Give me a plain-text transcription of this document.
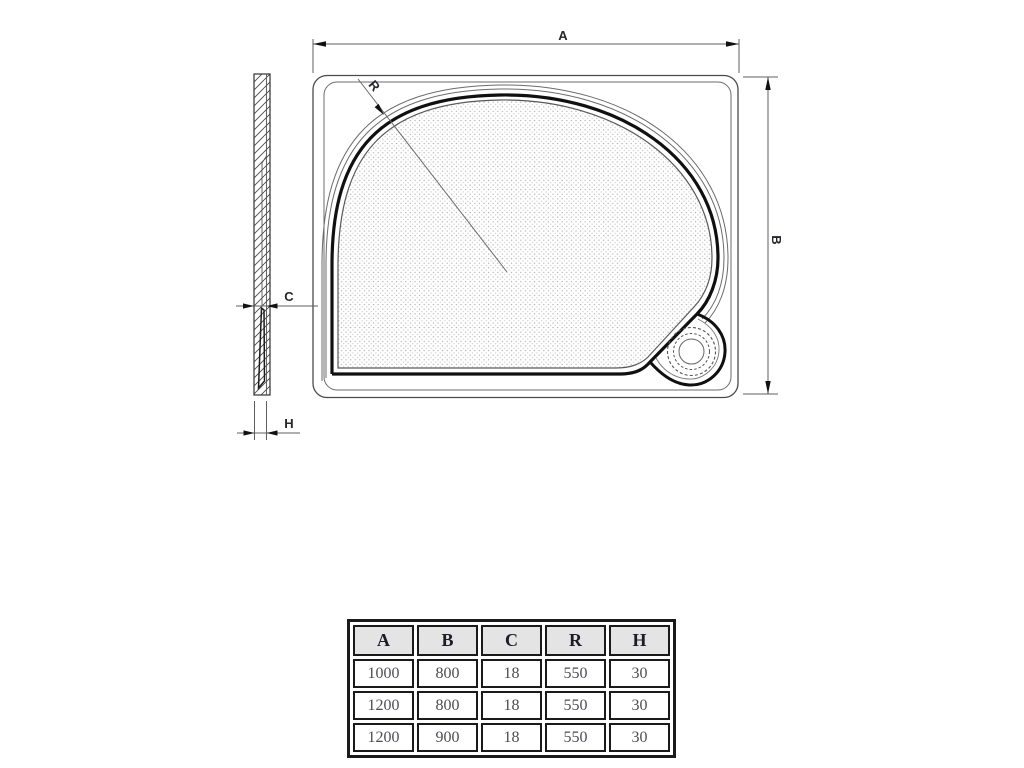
A
B
R
C
H
A	B	C	R	H
1000	800	18	550	30
1200	800	18	550	30
1200	900	18	550	30
